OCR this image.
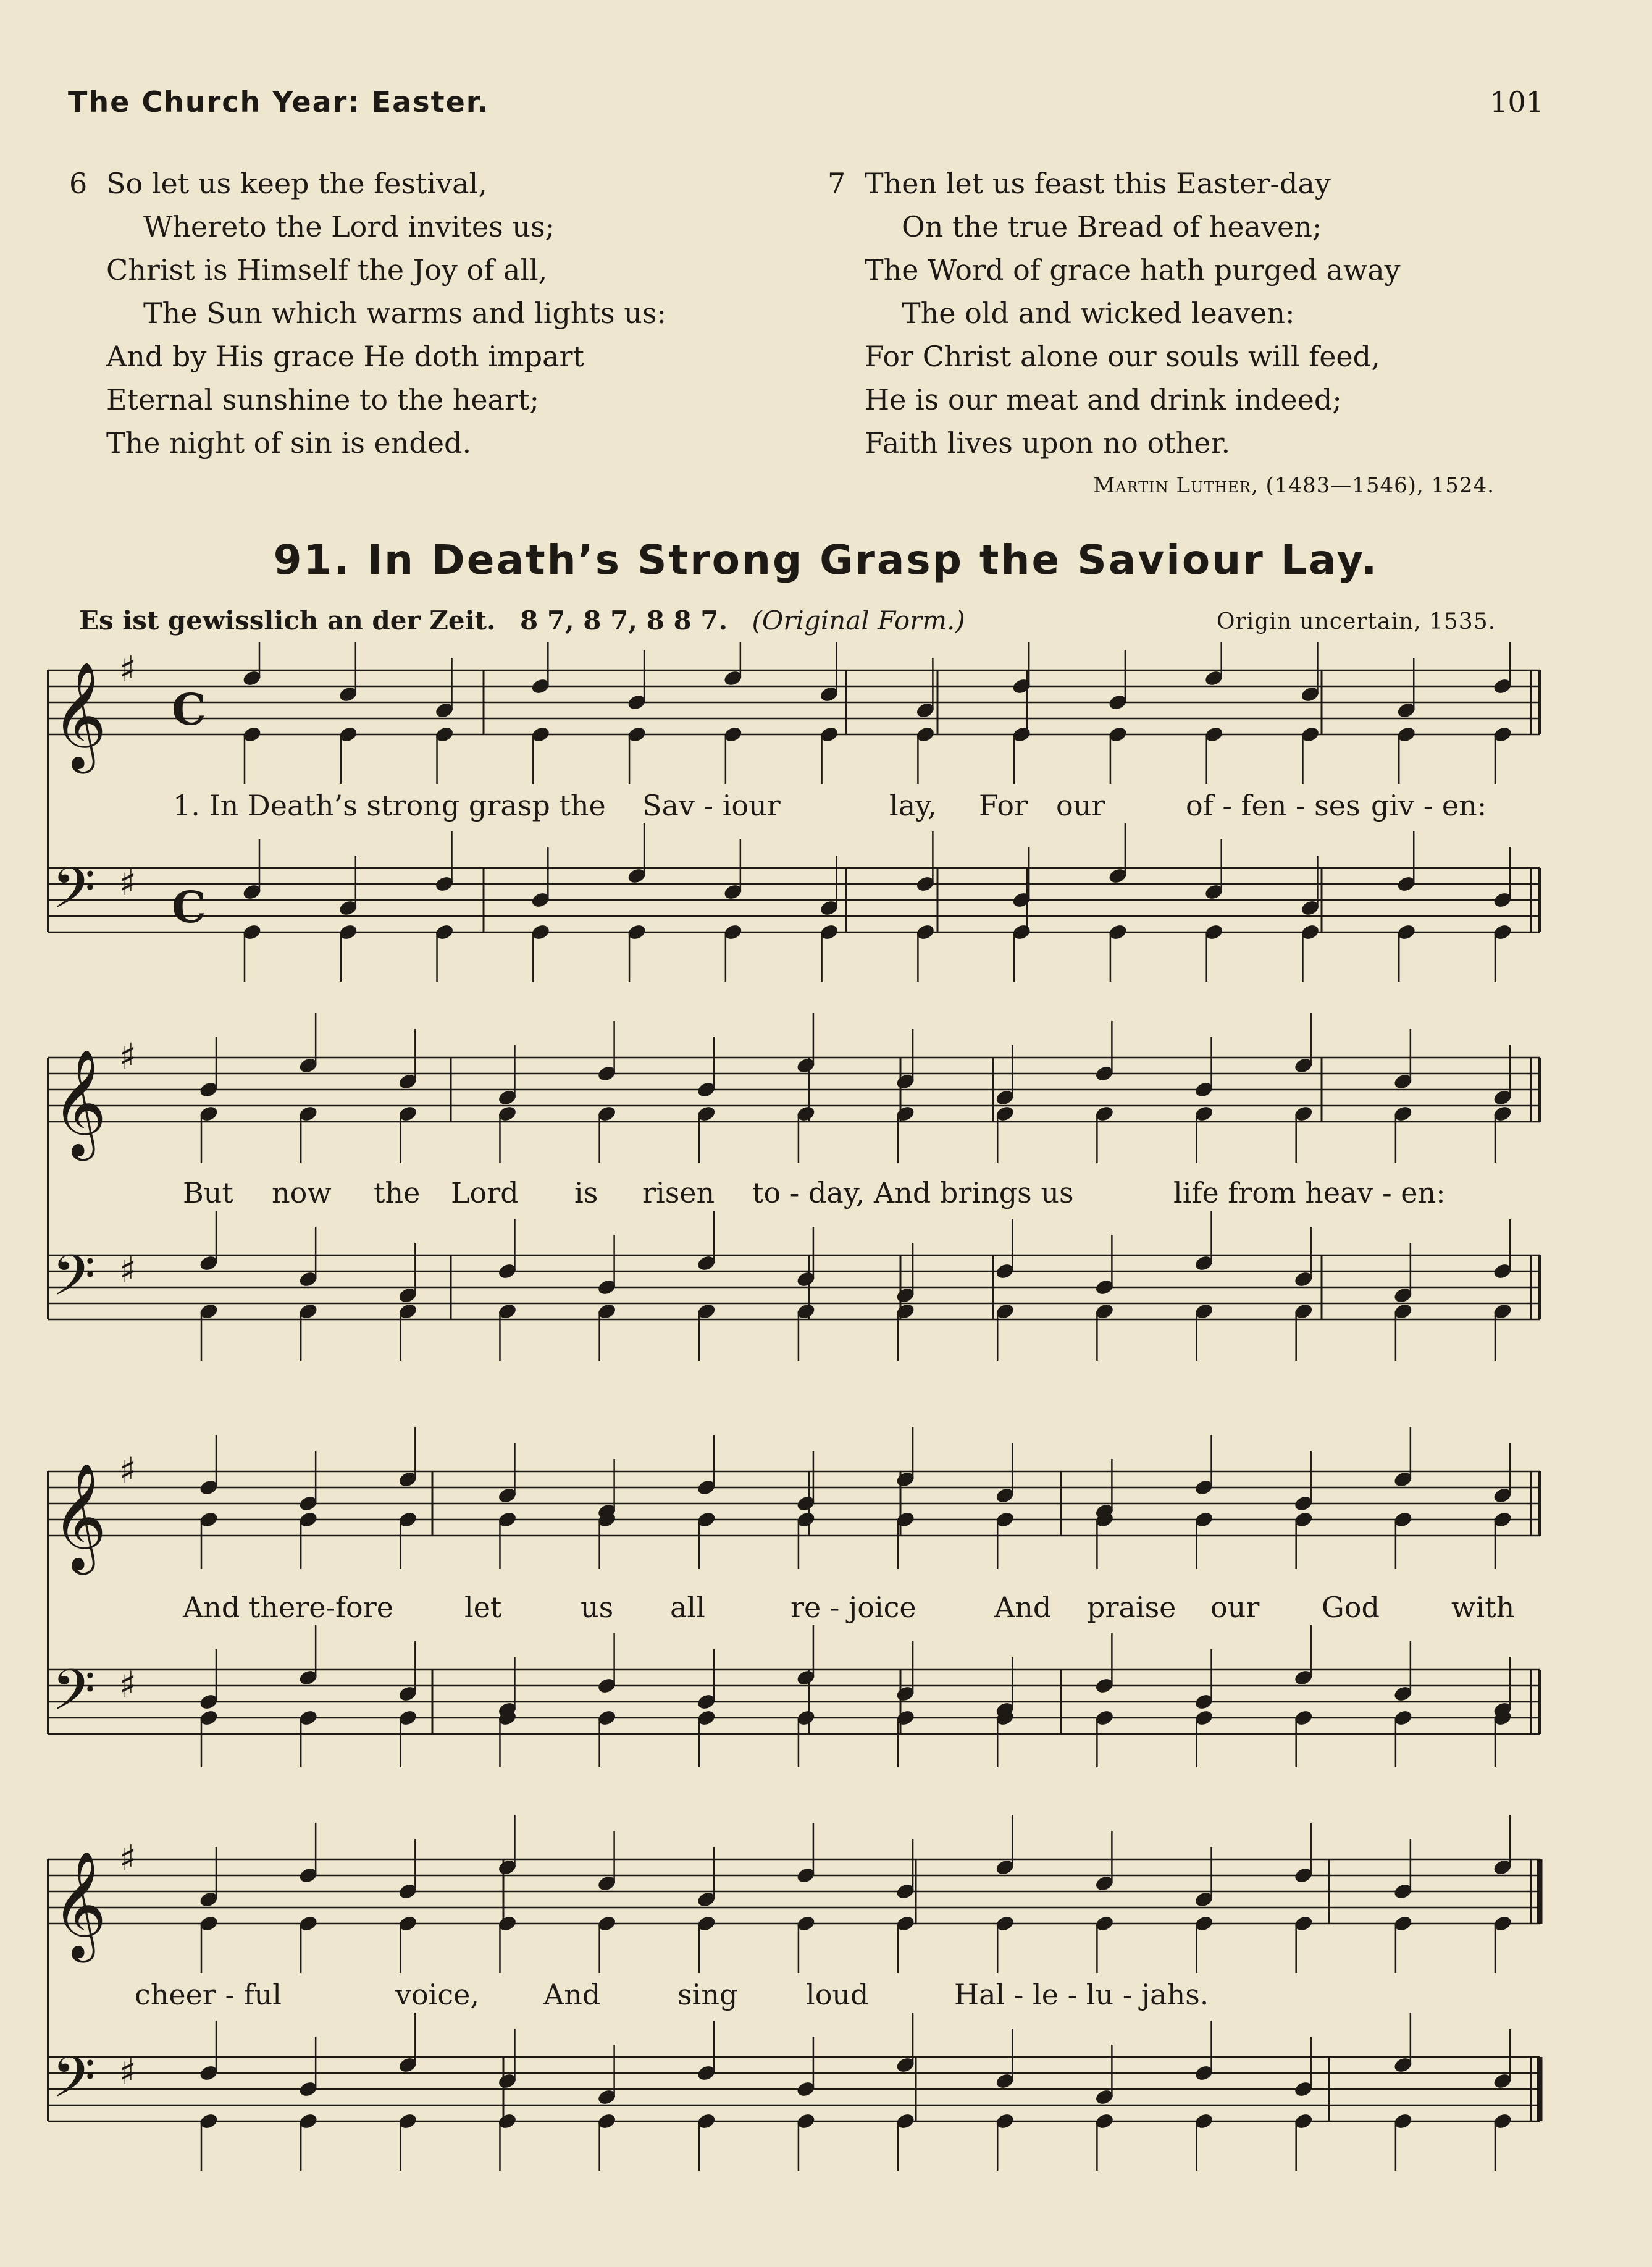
The Church Year: Easter.	101
6 So let us keep the festival,
Whereto the Lord invites us;
Christ is Himself the Joy of all,
The Sun which warms and lights us:
And by His grace He doth impart
Eternal sunshine to the heart;
The night of sin is ended.
7 Then let us feast this Easter-day
On the true Bread of heaven;
The Word of grace hath purged away
The old and wicked leaven:
For Christ alone our souls will feed,
He is our meat and drink indeed;
Faith lives upon no other.
Martin Luther, (1483—1546), 1524.
91. In Death’s Strong Grasp the Saviour Lay.
Es ist gewisslich an der Zeit. 8 7, 8 7, 8 8 7. (Original Form.)	Origin uncertain, 1535.
𝄞 ♯
C
𝄢 ♯ C
1. In Death’s strong grasp the Sav - iour	lay, For our	of - fen - ses giv - en:
𝄞 ♯
𝄢 ♯
But now the Lord is risen to - day, And brings us	life from heav - en:
𝄞 ♯
𝄢 ♯
And there-fore	let	us all	re - joice	And praise our God	with
𝄞 ♯
𝄢 ♯
cheer - ful	voice, And	sing loud	Hal - le - lu - jahs.
